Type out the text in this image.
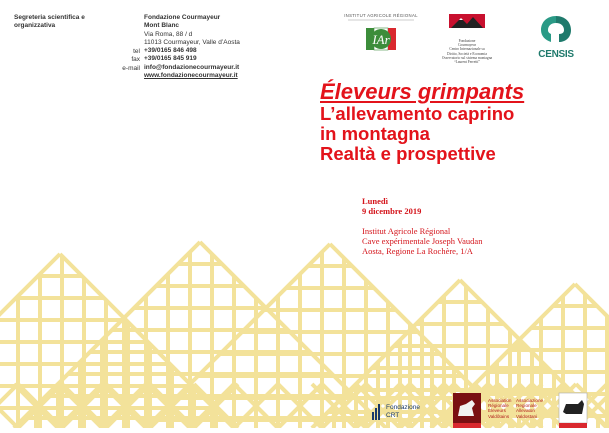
Segreteria scientifica e organizzativa
tel
fax
e-mail
Fondazione Courmayeur
Mont Blanc
Via Roma, 88 / d
11013 Courmayeur, Valle d’Aosta
+39/0165 846 498
+39/0165 845 919
info@fondazionecourmayeur.it
www.fondazionecourmayeur.it
INSTITUT AGRICOLE RÉGIONAL
IAr	Fondazione
Courmayeur
Centro Internazionale su
Diritto, Società e Economia
Osservatorio sul sistema montagna
“Laurent Ferretti”
CENSIS
Éleveurs grimpants
L’allevamento caprino
in montagna
Realtà e prospettive
Lunedì
9 dicembre 2019
Institut Agricole Régional
Cave expérimentale Joseph Vaudan
Aosta, Regione La Rochère, 1/A
Fondazione
CRT
Association
Régionale
Eleveurs
Valdôtains
Associazione
Regionale
Allevatori
Valdostani
